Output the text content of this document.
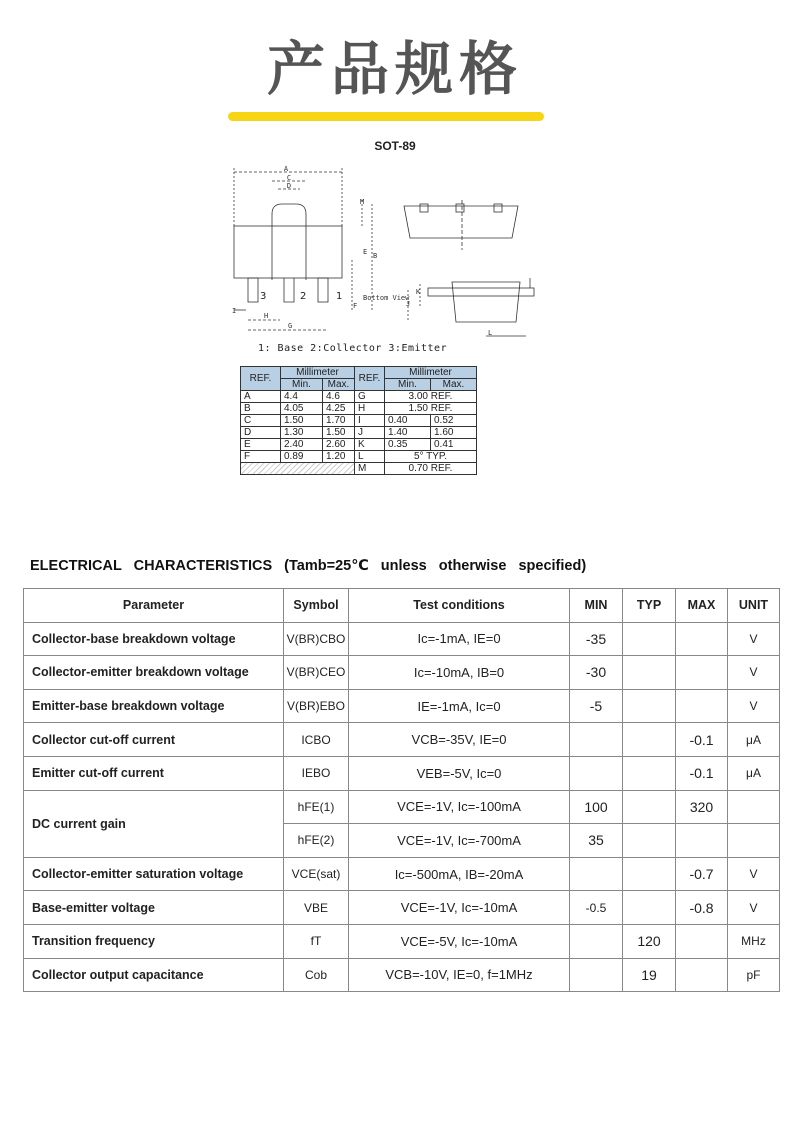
产品规格
SOT-89
A
C
D
Bottom View
M
B
E
F
I
H
G
J
K
L
3	2	1
1: Base 2:Collector 3:Emitter
REF.	Millimeter		REF.	Millimeter	
	Min.	Max.		Min.	Max.
A	4.4	4.6	G	3.00 REF.	
B	4.05	4.25	H	1.50 REF.	
C	1.50	1.70	I	0.40	0.52
D	1.30	1.50	J	1.40	1.60
E	2.40	2.60	K	0.35	0.41
F	0.89	1.20	L	5° TYP.	
			M	0.70 REF.	
ELECTRICAL CHARACTERISTICS (Tamb=25℃ unless otherwise specified)
Parameter	Symbol	Test conditions	MIN	TYP	MAX	UNIT
Collector-base breakdown voltage	V(BR)CBO	Ic=-1mA, IE=0	-35			V
Collector-emitter breakdown voltage	V(BR)CEO	Ic=-10mA, IB=0	-30			V
Emitter-base breakdown voltage	V(BR)EBO	IE=-1mA, Ic=0	-5			V
Collector cut-off current	ICBO	VCB=-35V, IE=0			-0.1	μA
Emitter cut-off current	IEBO	VEB=-5V, Ic=0			-0.1	μA
DC current gain	hFE(1)	VCE=-1V, Ic=-100mA	100		320	
	hFE(2)	VCE=-1V, Ic=-700mA	35			
Collector-emitter saturation voltage	VCE(sat)	Ic=-500mA, IB=-20mA			-0.7	V
Base-emitter voltage	VBE	VCE=-1V, Ic=-10mA	-0.5		-0.8	V
Transition frequency	fT	VCE=-5V, Ic=-10mA		120		MHz
Collector output capacitance	Cob	VCB=-10V, IE=0, f=1MHz		19		pF
